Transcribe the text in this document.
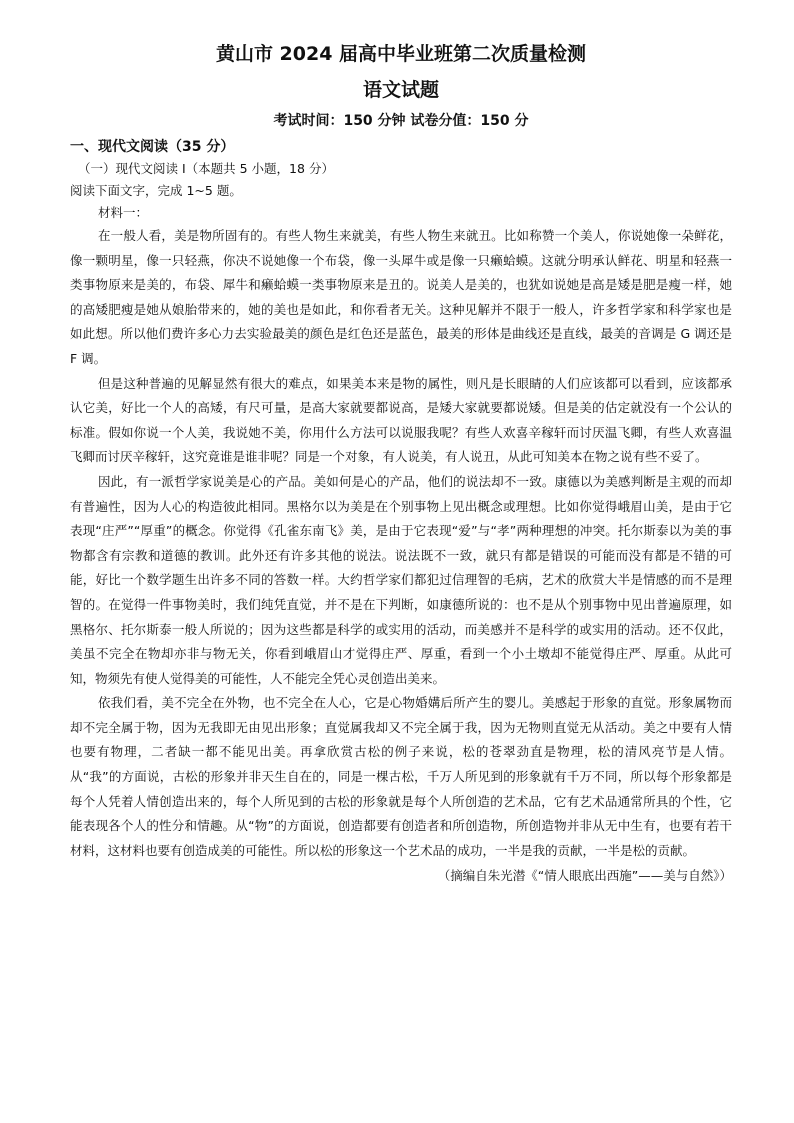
黄山市 2024 届高中毕业班第二次质量检测
语文试题

考试时间：150 分钟 试卷分值：150 分

一、现代文阅读（35 分）

（一）现代文阅读 I（本题共 5 小题，18 分）

阅读下面文字，完成 1~5 题。

材料一：

在一般人看，美是物所固有的。有些人物生来就美，有些人物生来就丑。比如称赞一个美人，你说她像一朵鲜花，像一颗明星，像一只轻燕，你决不说她像一个布袋，像一头犀牛或是像一只癞蛤蟆。这就分明承认鲜花、明星和轻燕一类事物原来是美的，布袋、犀牛和癞蛤蟆一类事物原来是丑的。说美人是美的，也犹如说她是高是矮是肥是瘦一样，她的高矮肥瘦是她从娘胎带来的，她的美也是如此，和你看者无关。这种见解并不限于一般人，许多哲学家和科学家也是如此想。所以他们费许多心力去实验最美的颜色是红色还是蓝色，最美的形体是曲线还是直线，最美的音调是 G 调还是 F 调。

但是这种普遍的见解显然有很大的难点，如果美本来是物的属性，则凡是长眼睛的人们应该都可以看到，应该都承认它美，好比一个人的高矮，有尺可量，是高大家就要都说高，是矮大家就要都说矮。但是美的估定就没有一个公认的标准。假如你说一个人美，我说她不美，你用什么方法可以说服我呢？有些人欢喜辛稼轩而讨厌温飞卿，有些人欢喜温飞卿而讨厌辛稼轩，这究竟谁是谁非呢？同是一个对象，有人说美，有人说丑，从此可知美本在物之说有些不妥了。

因此，有一派哲学家说美是心的产品。美如何是心的产品，他们的说法却不一致。康德以为美感判断是主观的而却有普遍性，因为人心的构造彼此相同。黑格尔以为美是在个别事物上见出概念或理想。比如你觉得峨眉山美，是由于它表现“庄严”“厚重”的概念。你觉得《孔雀东南飞》美，是由于它表现“爱”与“孝”两种理想的冲突。托尔斯泰以为美的事物都含有宗教和道德的教训。此外还有许多其他的说法。说法既不一致，就只有都是错误的可能而没有都是不错的可能，好比一个数学题生出许多不同的答数一样。大约哲学家们都犯过信理智的毛病，艺术的欣赏大半是情感的而不是理智的。在觉得一件事物美时，我们纯凭直觉，并不是在下判断，如康德所说的：也不是从个别事物中见出普遍原理，如黑格尔、托尔斯泰一般人所说的；因为这些都是科学的或实用的活动，而美感并不是科学的或实用的活动。还不仅此，美虽不完全在物却亦非与物无关，你看到峨眉山才觉得庄严、厚重，看到一个小土墩却不能觉得庄严、厚重。从此可知，物须先有使人觉得美的可能性，人不能完全凭心灵创造出美来。

依我们看，美不完全在外物，也不完全在人心，它是心物婚媾后所产生的婴儿。美感起于形象的直觉。形象属物而却不完全属于物，因为无我即无由见出形象；直觉属我却又不完全属于我，因为无物则直觉无从活动。美之中要有人情也要有物理，二者缺一都不能见出美。再拿欣赏古松的例子来说，松的苍翠劲直是物理，松的清风亮节是人情。从“我”的方面说，古松的形象并非天生自在的，同是一棵古松，千万人所见到的形象就有千万不同，所以每个形象都是每个人凭着人情创造出来的，每个人所见到的古松的形象就是每个人所创造的艺术品，它有艺术品通常所具的个性，它能表现各个人的性分和情趣。从“物”的方面说，创造都要有创造者和所创造物，所创造物并非从无中生有，也要有若干材料，这材料也要有创造成美的可能性。所以松的形象这一个艺术品的成功，一半是我的贡献，一半是松的贡献。

（摘编自朱光潜《“情人眼底出西施”——美与自然》）
